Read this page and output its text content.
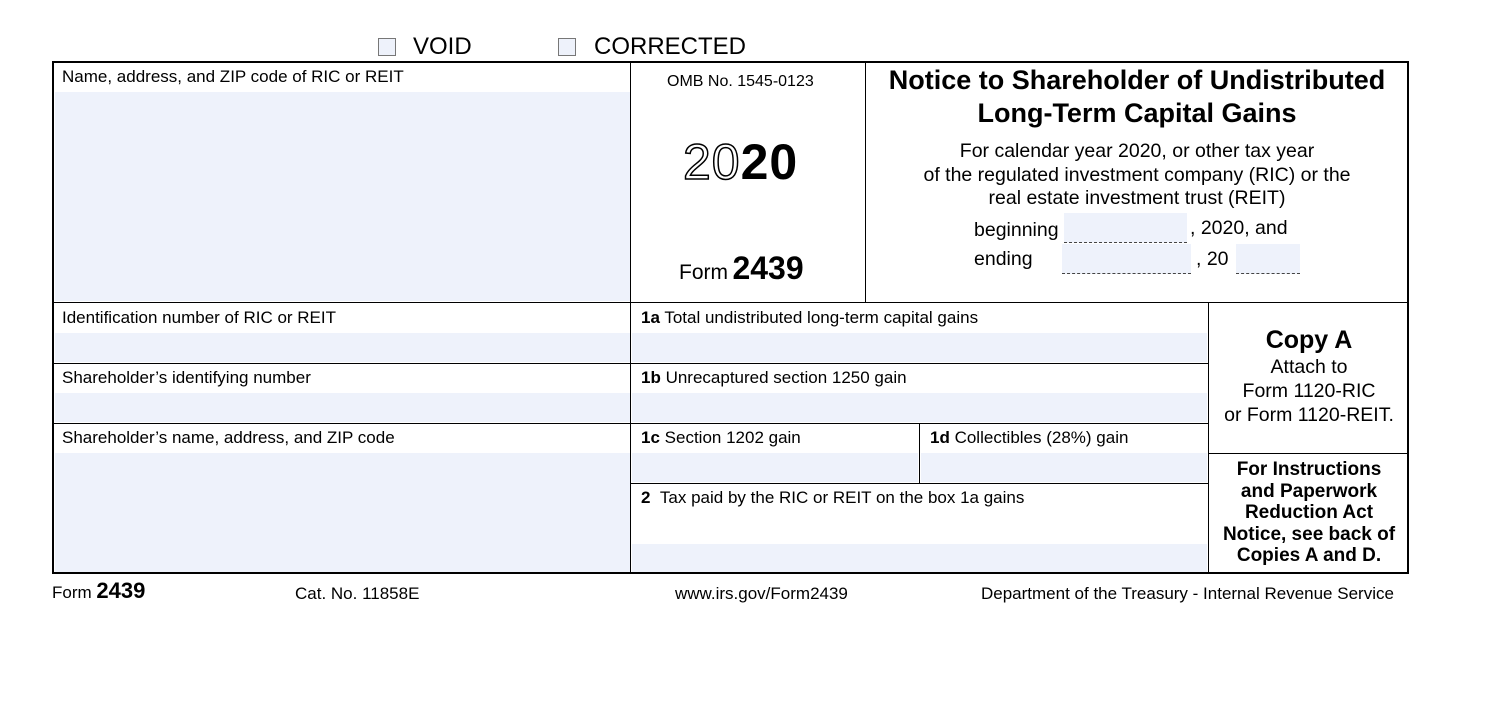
VOID	CORRECTED
Name, address, and ZIP code of RIC or REIT	OMB No. 1545-0123
2020
Form 2439
Notice to Shareholder of Undistributed
Long-Term Capital Gains
For calendar year 2020, or other tax year
of the regulated investment company (RIC) or the
real estate investment trust (REIT)
beginning	, 2020, and
ending	, 20
Identification number of RIC or REIT
Shareholder’s identifying number
Shareholder’s name, address, and ZIP code
1a Total undistributed long-term capital gains
1b Unrecaptured section 1250 gain
1c Section 1202 gain	1d Collectibles (28%) gain
2 Tax paid by the RIC or REIT on the box 1a gains
Copy A
Attach to
Form 1120-RIC
or Form 1120-REIT.
For Instructions
and Paperwork
Reduction Act
Notice, see back of
Copies A and D.
Form 2439	Cat. No. 11858E	www.irs.gov/Form2439	Department of the Treasury - Internal Revenue Service
